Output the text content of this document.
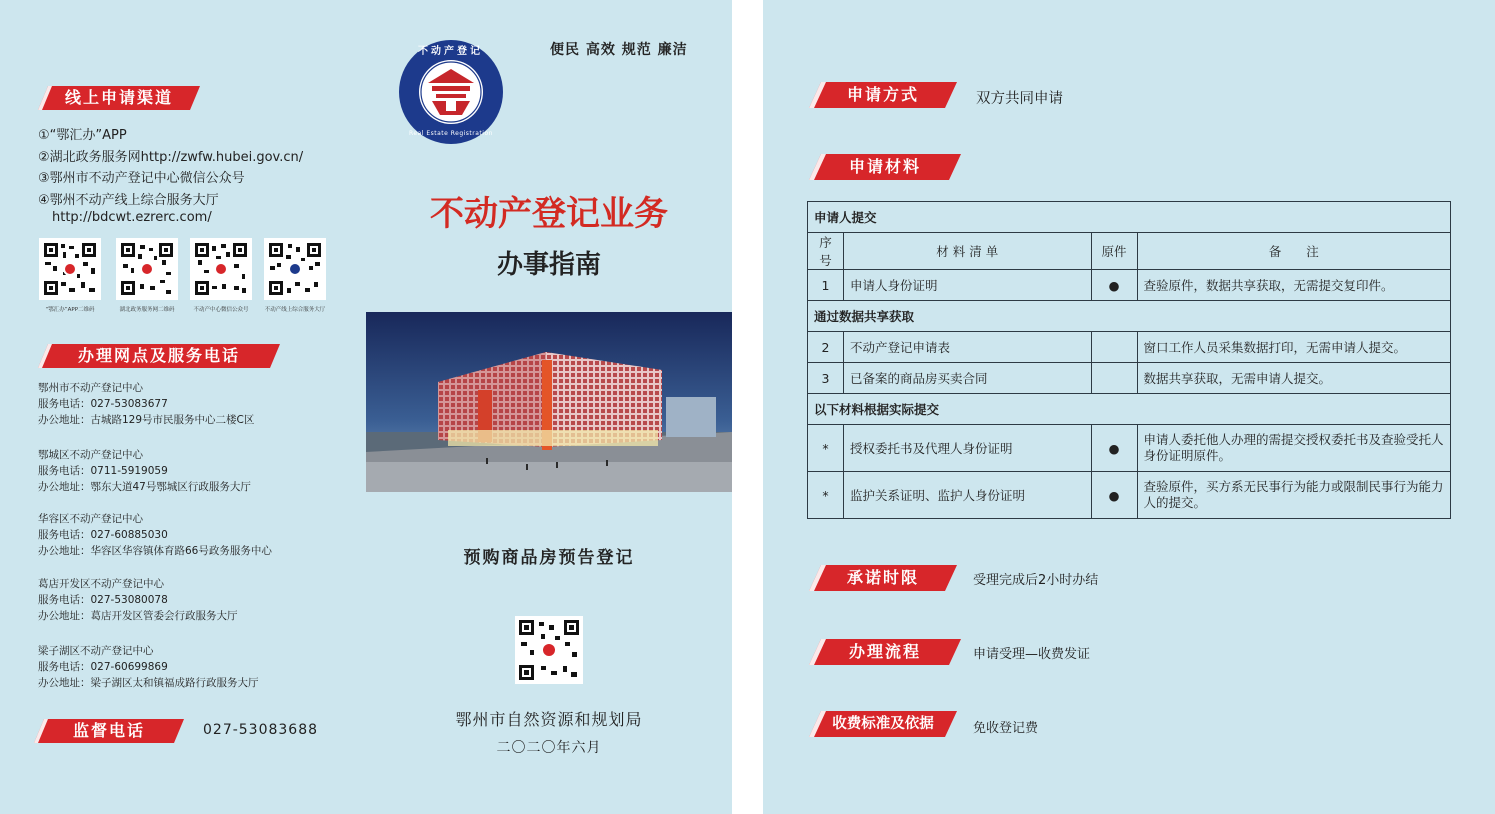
线上申请渠道
①“鄂汇办”APP
②湖北政务服务网http://zwfw.hubei.gov.cn/
③鄂州市不动产登记中心微信公众号
④鄂州不动产线上综合服务大厅
http://bdcwt.ezrerc.com/
“鄂汇办”APP二维码	湖北政务服务网二维码	不动产中心微信公众号	不动产线上综合服务大厅
办理网点及服务电话
鄂州市不动产登记中心
服务电话：027-53083677
办公地址：古城路129号市民服务中心二楼C区
鄂城区不动产登记中心
服务电话：0711-5919059
办公地址：鄂东大道47号鄂城区行政服务大厅
华容区不动产登记中心
服务电话：027-60885030
办公地址：华容区华容镇体育路66号政务服务中心
葛店开发区不动产登记中心
服务电话：027-53080078
办公地址：葛店开发区管委会行政服务大厅
梁子湖区不动产登记中心
服务电话：027-60699869
办公地址：梁子湖区太和镇福成路行政服务大厅
监督电话	027-53083688
不动产登记
Real Estate Registration
便民 高效 规范 廉洁
不动产登记业务
办事指南
预购商品房预告登记
鄂州市自然资源和规划局
二〇二〇年六月
申请方式	双方共同申请
申请材料
申请人提交			
序号	材 料 清 单	原件	备　　注
1	申请人身份证明	●	查验原件，数据共享获取，无需提交复印件。
通过数据共享获取			
2	不动产登记申请表		窗口工作人员采集数据打印，无需申请人提交。
3	已备案的商品房买卖合同		数据共享获取，无需申请人提交。
以下材料根据实际提交			
*	授权委托书及代理人身份证明	●	申请人委托他人办理的需提交授权委托书及查验受托人身份证明原件。
*	监护关系证明、监护人身份证明	●	查验原件，买方系无民事行为能力或限制民事行为能力人的提交。
承诺时限	受理完成后2小时办结
办理流程	申请受理—收费发证
收费标准及依据	免收登记费
